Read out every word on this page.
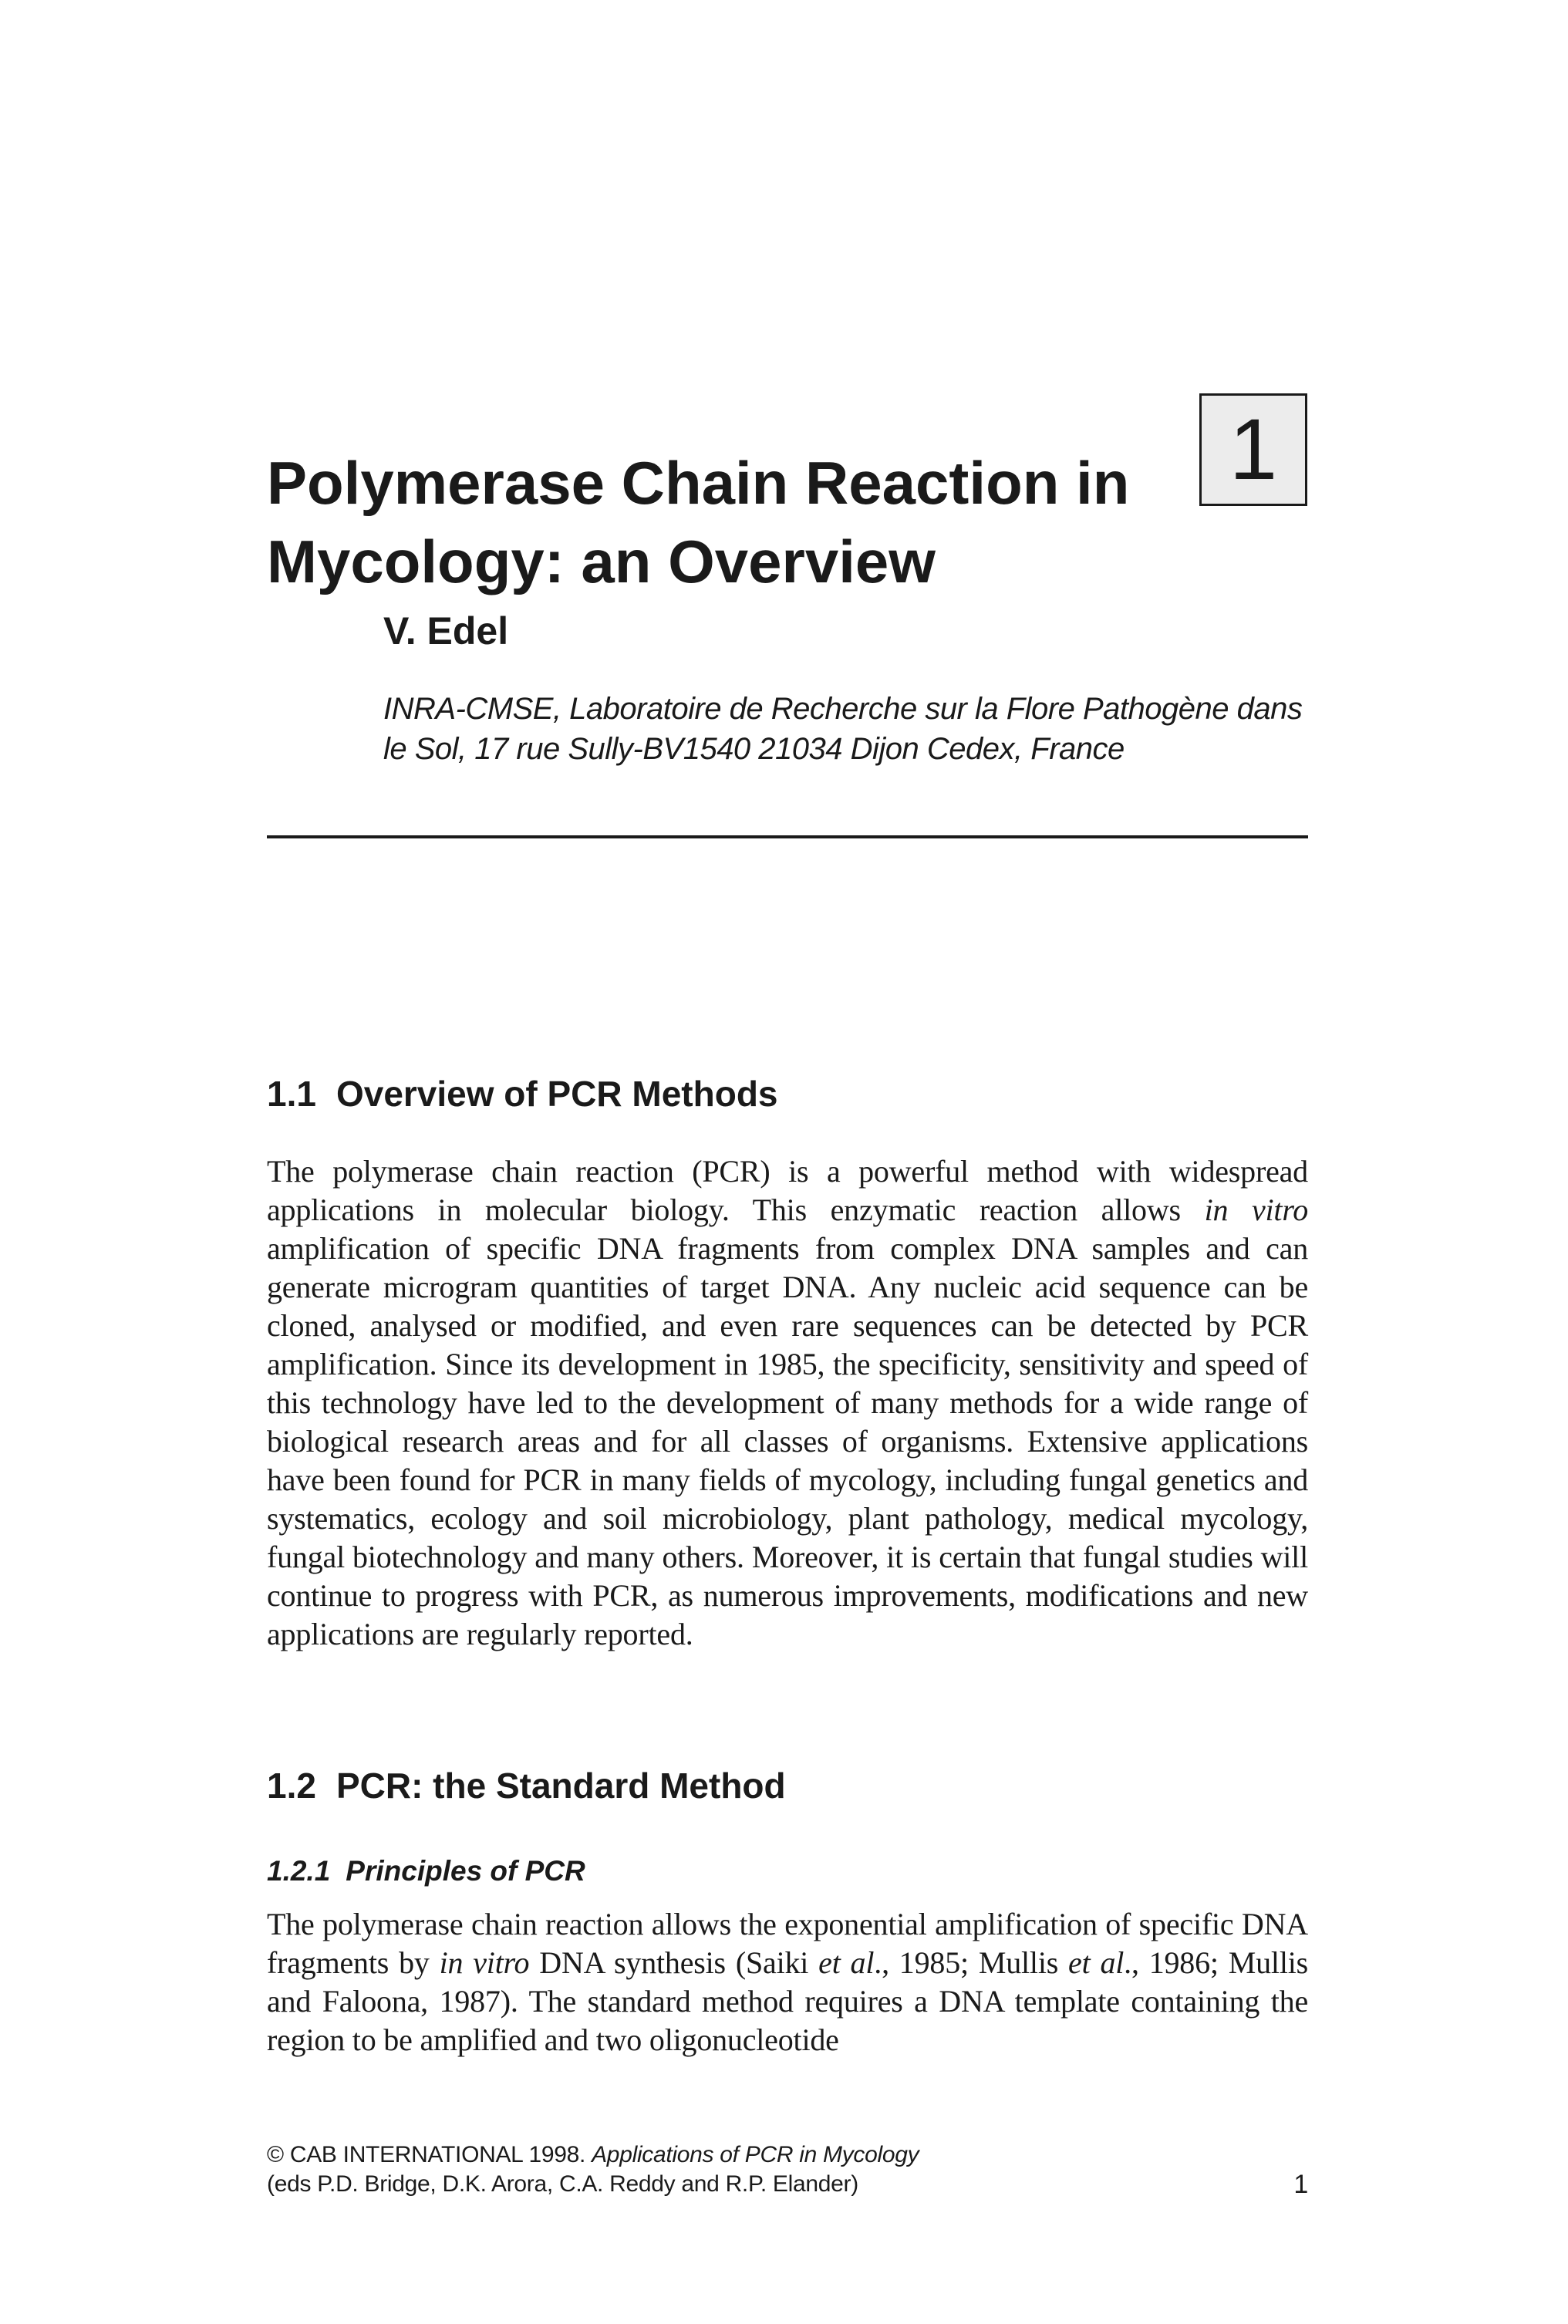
1
Polymerase Chain Reaction in
Mycology: an Overview

V. Edel

INRA-CMSE, Laboratoire de Recherche sur la Flore Pathogène dans
le Sol, 17 rue Sully-BV1540 21034 Dijon Cedex, France

1.1 Overview of PCR Methods

The polymerase chain reaction (PCR) is a powerful method with widespread applications in molecular biology. This enzymatic reaction allows in vitro amplification of specific DNA fragments from complex DNA samples and can generate microgram quantities of target DNA. Any nucleic acid sequence can be cloned, analysed or modified, and even rare sequences can be detected by PCR amplification. Since its development in 1985, the specificity, sensitivity and speed of this technology have led to the development of many methods for a wide range of biological research areas and for all classes of organisms. Extensive applications have been found for PCR in many fields of mycology, including fungal genetics and systematics, ecology and soil microbiology, plant pathology, medical mycology, fungal biotechnology and many others. Moreover, it is certain that fungal studies will continue to progress with PCR, as numerous improvements, modifications and new applications are regularly reported.

1.2 PCR: the Standard Method
1.2.1 Principles of PCR

The polymerase chain reaction allows the exponential amplification of specific DNA fragments by in vitro DNA synthesis (Saiki et al., 1985; Mullis et al., 1986; Mullis and Faloona, 1987). The standard method requires a DNA template containing the region to be amplified and two oligonucleotide

© CAB INTERNATIONAL 1998. Applications of PCR in Mycology
(eds P.D. Bridge, D.K. Arora, C.A. Reddy and R.P. Elander)	1
